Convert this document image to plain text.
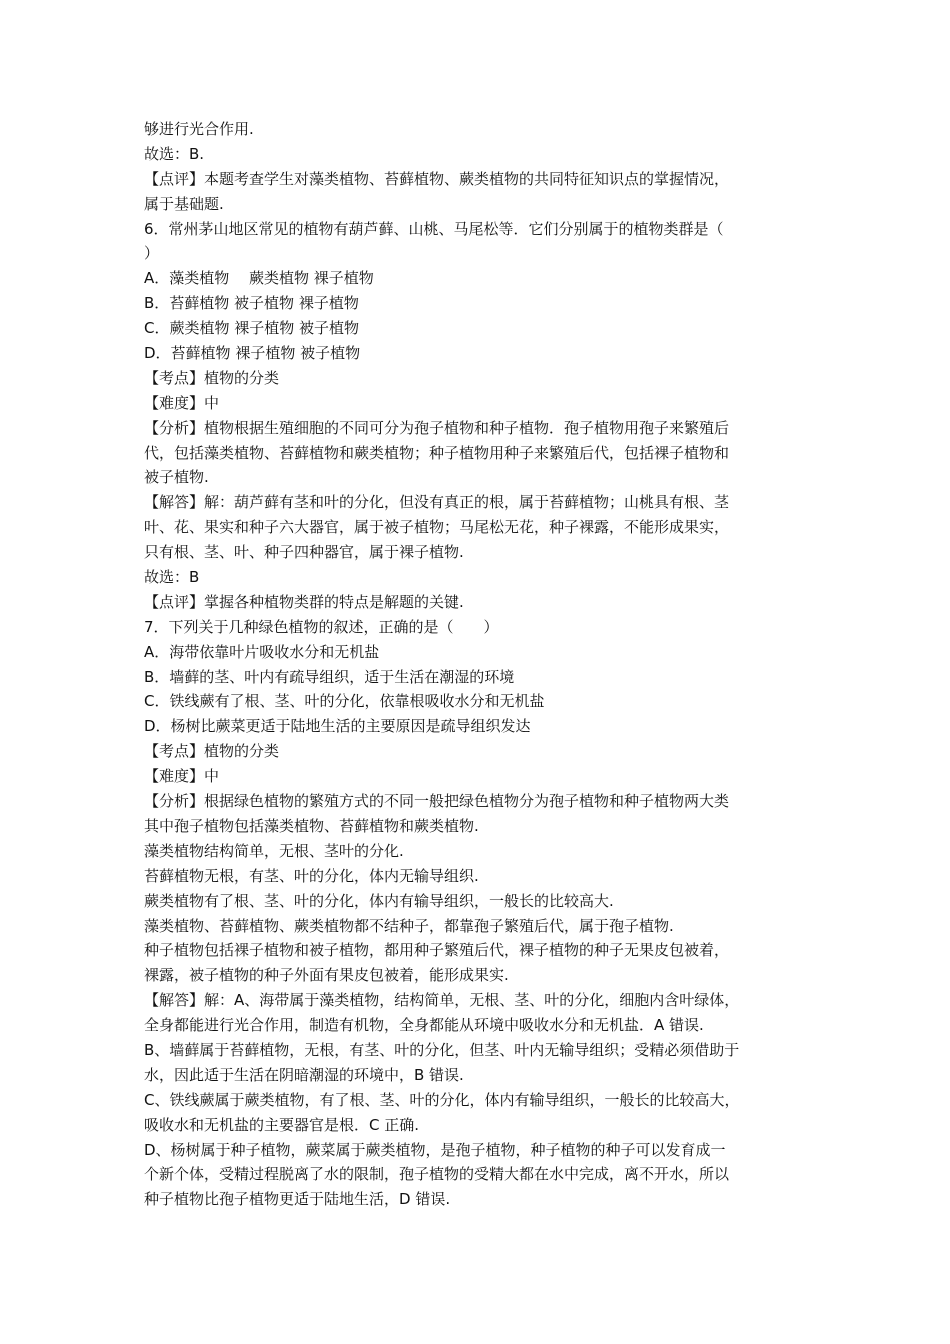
够进行光合作用.
故选：B.
【点评】本题考查学生对藻类植物、苔藓植物、蕨类植物的共同特征知识点的掌握情况，
属于基础题.
6．常州茅山地区常见的植物有葫芦藓、山桃、马尾松等．它们分别属于的植物类群是（
）
A．藻类植物　 蕨类植物 裸子植物
B．苔藓植物 被子植物 裸子植物
C．蕨类植物 裸子植物 被子植物
D．苔藓植物 裸子植物 被子植物
【考点】植物的分类
【难度】中
【分析】植物根据生殖细胞的不同可分为孢子植物和种子植物．孢子植物用孢子来繁殖后
代，包括藻类植物、苔藓植物和蕨类植物；种子植物用种子来繁殖后代，包括裸子植物和
被子植物.
【解答】解：葫芦藓有茎和叶的分化，但没有真正的根，属于苔藓植物；山桃具有根、茎
叶、花、果实和种子六大器官，属于被子植物；马尾松无花，种子裸露，不能形成果实，
只有根、茎、叶、种子四种器官，属于裸子植物.
故选：B
【点评】掌握各种植物类群的特点是解题的关键.
7．下列关于几种绿色植物的叙述，正确的是（　　）
A．海带依靠叶片吸收水分和无机盐
B．墙藓的茎、叶内有疏导组织，适于生活在潮湿的环境
C．铁线蕨有了根、茎、叶的分化，依靠根吸收水分和无机盐
D．杨树比蕨菜更适于陆地生活的主要原因是疏导组织发达
【考点】植物的分类
【难度】中
【分析】根据绿色植物的繁殖方式的不同一般把绿色植物分为孢子植物和种子植物两大类
其中孢子植物包括藻类植物、苔藓植物和蕨类植物.
藻类植物结构简单，无根、茎叶的分化.
苔藓植物无根，有茎、叶的分化，体内无输导组织.
蕨类植物有了根、茎、叶的分化，体内有输导组织，一般长的比较高大.
藻类植物、苔藓植物、蕨类植物都不结种子，都靠孢子繁殖后代，属于孢子植物.
种子植物包括裸子植物和被子植物，都用种子繁殖后代，裸子植物的种子无果皮包被着，
裸露，被子植物的种子外面有果皮包被着，能形成果实.
【解答】解：A、海带属于藻类植物，结构简单，无根、茎、叶的分化，细胞内含叶绿体，
全身都能进行光合作用，制造有机物，全身都能从环境中吸收水分和无机盐．A 错误.
B、墙藓属于苔藓植物，无根，有茎、叶的分化，但茎、叶内无输导组织；受精必须借助于
水，因此适于生活在阴暗潮湿的环境中，B 错误.
C、铁线蕨属于蕨类植物，有了根、茎、叶的分化，体内有输导组织，一般长的比较高大，
吸收水和无机盐的主要器官是根．C 正确.
D、杨树属于种子植物，蕨菜属于蕨类植物，是孢子植物，种子植物的种子可以发育成一
个新个体，受精过程脱离了水的限制，孢子植物的受精大都在水中完成，离不开水，所以
种子植物比孢子植物更适于陆地生活，D 错误.
